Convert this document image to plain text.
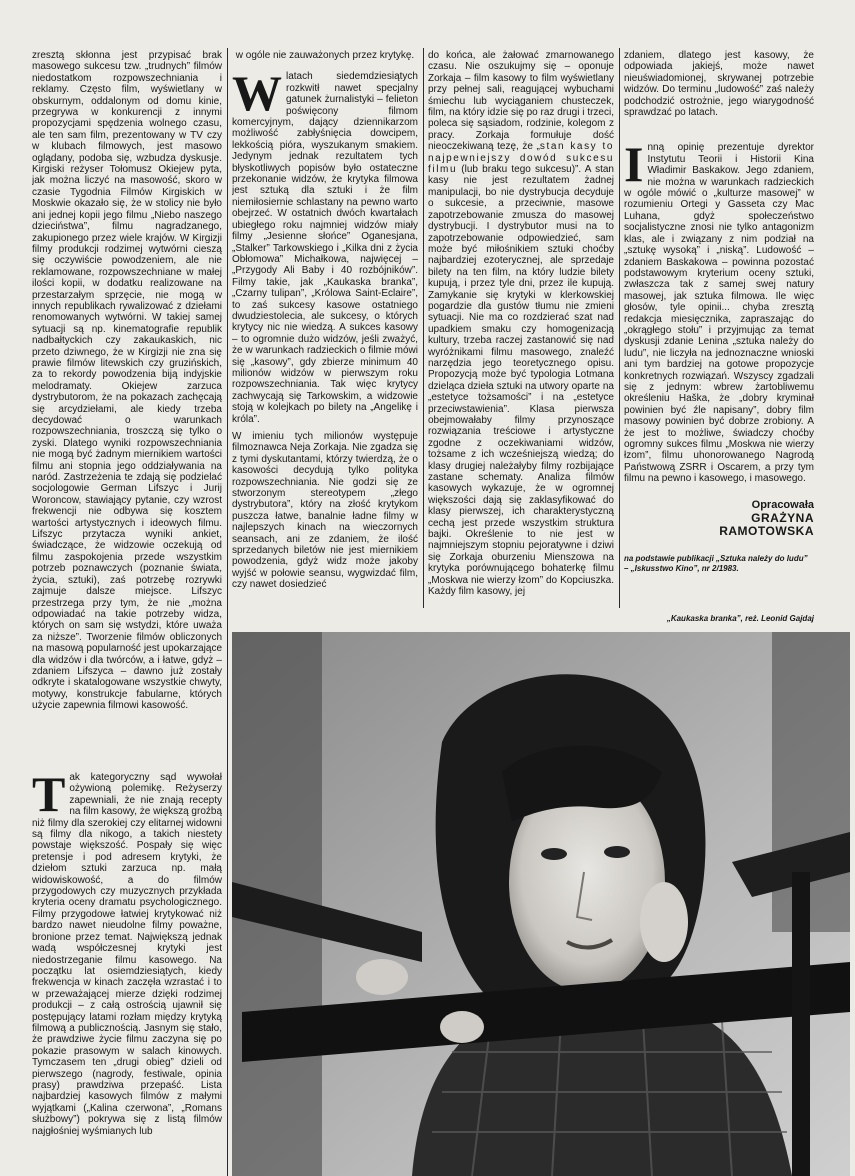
zresztą skłonna jest przypisać brak masowego sukcesu tzw. „trudnych” filmów niedostatkom rozpowszechniania i reklamy. Często film, wyświetlany w obskurnym, oddalonym od domu kinie, przegrywa w konkurencji z innymi propozycjami spędzenia wolnego czasu, ale ten sam film, prezentowany w TV czy w klubach filmowych, jest masowo oglądany, podoba się, wzbudza dyskusje. Kirgiski reżyser Tołomusz Okiejew pyta, jak można liczyć na masowość, skoro w czasie Tygodnia Filmów Kirgiskich w Moskwie okazało się, że w stolicy nie było ani jednej kopii jego filmu „Niebo naszego dzieciństwa”, filmu nagradzanego, zakupionego przez wiele krajów. W Kirgizji filmy produkcji rodzimej wytwórni cieszą się oczywiście powodzeniem, ale nie reklamowane, rozpowszechniane w małej ilości kopii, w dodatku realizowane na przestarzałym sprzęcie, nie mogą w innych republikach rywalizować z dziełami renomowanych wytwórni. W takiej samej sytuacji są np. kinematografie republik nadbałtyckich czy zakaukaskich, nic przeto dziwnego, że w Kirgizji nie zna się prawie filmów litewskich czy gruzińskich, za to rekordy powodzenia biją indyjskie melodramaty. Okiejew zarzuca dystrybutorom, że na pokazach zachęcają się arcydziełami, ale kiedy trzeba decydować o warunkach rozpowszechniania, troszczą się tylko o zyski. Dlatego wyniki rozpowszechniania nie mogą być żadnym miernikiem wartości filmu ani stopnia jego oddziaływania na naród. Zastrzeżenia te zdają się podzielać socjologowie German Lifszyc i Jurij Woroncow, stawiający pytanie, czy wzrost frekwencji nie odbywa się kosztem wartości artystycznych i ideowych filmu. Lifszyc przytacza wyniki ankiet, świadczące, że widzowie oczekują od filmu zaspokojenia przede wszystkim potrzeb poznawczych (poznanie świata, życia, sztuki), zaś potrzebę rozrywki zajmuje dalsze miejsce. Lifszyc przestrzega przy tym, że nie „można odpowiadać na takie potrzeby widza, których on sam się wstydzi, które uważa za niższe”. Tworzenie filmów obliczonych na masową popularność jest upokarzające dla widzów i dla twórców, a i łatwe, gdyż – zdaniem Lifszyca – dawno już zostały odkryte i skatalogowane wszystkie chwyty, motywy, konstrukcje fabularne, których użycie zapewnia filmowi kasowość.

T ak kategoryczny sąd wywołał ożywioną polemikę. Reżyserzy zapewniali, że nie znają recepty na film kasowy, że większą groźbą niż filmy dla szerokiej czy elitarnej widowni są filmy dla nikogo, a takich niestety powstaje większość. Pospały się więc pretensje i pod adresem krytyki, że dziełom sztuki zarzuca np. małą widowiskowość, a do filmów przygodowych czy muzycznych przykłada kryteria oceny dramatu psychologicznego. Filmy przygodowe łatwiej krytykować niż bardzo nawet nieudolne filmy poważne, bronione przez temat. Największą jednak wadą współczesnej krytyki jest niedostrzeganie filmu kasowego. Na początku lat osiemdziesiątych, kiedy frekwencja w kinach zaczęła wzrastać i to w przeważającej mierze dzięki rodzimej produkcji – z całą ostrością ujawnił się postępujący latami rozłam między krytyką filmową a publicznością. Jasnym się stało, że prawdziwe życie filmu zaczyna się po pokazie prasowym w salach kinowych. Tymczasem ten „drugi obieg” dzieli od pierwszego (nagrody, festiwale, opinia prasy) prawdziwa przepaść. Lista najbardziej kasowych filmów z małymi wyjątkami („Kalina czerwona”, „Romans służbowy”) pokrywa się z listą filmów najgłośniej wyśmianych lub

w ogóle nie zauważonych przez krytykę.

W latach siedemdziesiątych rozkwitł nawet specjalny gatunek żurnalistyki – felieton poświęcony filmom komercyjnym, dający dziennikarzom możliwość zabłyśnięcia dowcipem, lekkością pióra, wyszukanym smakiem. Jedynym jednak rezultatem tych błyskotliwych popisów było ostateczne przekonanie widzów, że krytyka filmowa jest sztuką dla sztuki i że film niemiłosiernie schlastany na pewno warto obejrzeć. W ostatnich dwóch kwartałach ubiegłego roku najmniej widzów miały filmy „Jesienne słońce” Oganesjana, „Stalker” Tarkowskiego i „Kilka dni z życia Obłomowa” Michałkowa, najwięcej – „Przygody Ali Baby i 40 rozbójników”. Filmy takie, jak „Kaukaska branka”, „Czarny tulipan”, „Królowa Saint-Eclaire”, to zaś sukcesy kasowe ostatniego dwudziestolecia, ale sukcesy, o których krytycy nic nie wiedzą. A sukces kasowy – to ogromnie dużo widzów, jeśli zważyć, że w warunkach radzieckich o filmie mówi się „kasowy”, gdy zbierze minimum 40 milionów widzów w pierwszym roku rozpowszechniania. Tak więc krytycy zachwycają się Tarkowskim, a widzowie stoją w kolejkach po bilety na „Angelikę i króla”.

W imieniu tych milionów występuje filmoznawca Neja Zorkaja. Nie zgadza się z tymi dyskutantami, którzy twierdzą, że o kasowości decydują tylko polityka rozpowszechniania. Nie godzi się ze stworzonym stereotypem „złego dystrybutora”, który na złość krytykom puszcza łatwe, banalnie ładne filmy w najlepszych kinach na wieczornych seansach, ani ze zdaniem, że ilość sprzedanych biletów nie jest miernikiem powodzenia, gdyż widz może jakoby wyjść w połowie seansu, wygwizdać film, czy nawet dosiedzieć

do końca, ale żałować zmarnowanego czasu. Nie oszukujmy się – oponuje Zorkaja – film kasowy to film wyświetlany przy pełnej sali, reagującej wybuchami śmiechu lub wyciąganiem chusteczek, film, na który idzie się po raz drugi i trzeci, poleca się sąsiadom, rodzinie, kolegom z pracy. Zorkaja formułuje dość nieoczekiwaną tezę, że „stan kasy to najpewniejszy dowód sukcesu filmu (lub braku tego sukcesu)”. A stan kasy nie jest rezultatem żadnej manipulacji, bo nie dystrybucja decyduje o sukcesie, a przeciwnie, masowe zapotrzebowanie zmusza do masowej dystrybucji. I dystrybutor musi na to zapotrzebowanie odpowiedzieć, sam może być miłośnikiem sztuki choćby najbardziej ezoterycznej, ale sprzedaje bilety na ten film, na który ludzie bilety kupują, i przez tyle dni, przez ile kupują. Zamykanie się krytyki w klerkowskiej pogardzie dla gustów tłumu nie zmieni sytuacji. Nie ma co rozdzierać szat nad upadkiem smaku czy homogenizacją kultury, trzeba raczej zastanowić się nad wyróżnikami filmu masowego, znaleźć narzędzia jego teoretycznego opisu. Propozycją może być typologia Lotmana dzieląca dzieła sztuki na utwory oparte na „estetyce tożsamości” i na „estetyce przeciwstawienia”. Klasa pierwsza obejmowałaby filmy przynoszące rozwiązania treściowe i artystyczne zgodne z oczekiwaniami widzów, tożsame z ich wcześniejszą wiedzą; do klasy drugiej należałyby filmy rozbijające zastane schematy. Analiza filmów kasowych wykazuje, że w ogromnej większości dają się zaklasyfikować do klasy pierwszej, ich charakterystyczną cechą jest przede wszystkim struktura bajki. Określenie to nie jest w najmniejszym stopniu pejoratywne i dziwi się Zorkaja oburzeniu Mienszowa na krytyka porównującego bohaterkę filmu „Moskwa nie wierzy łzom” do Kopciuszka. Każdy film kasowy, jej

zdaniem, dlatego jest kasowy, że odpowiada jakiejś, może nawet nieuświadomionej, skrywanej potrzebie widzów. Do terminu „ludowość” zaś należy podchodzić ostrożnie, jego wiarygodność sprawdzać po latach.

I nną opinię prezentuje dyrektor Instytutu Teorii i Historii Kina Władimir Baskakow. Jego zdaniem, nie można w warunkach radzieckich w ogóle mówić o „kulturze masowej” w rozumieniu Ortegi y Gasseta czy Mac Luhana, gdyż społeczeństwo socjalistyczne znosi nie tylko antagonizm klas, ale i związany z nim podział na „sztukę wysoką” i „niską”. Ludowość – zdaniem Baskakowa – powinna pozostać podstawowym kryterium oceny sztuki, zwłaszcza tak z samej swej natury masowej, jak sztuka filmowa. Ile więc głosów, tyle opinii... chyba zresztą redakcja miesięcznika, zapraszając do „okrągłego stołu” i przyjmując za temat dyskusji zdanie Lenina „sztuka należy do ludu”, nie liczyła na jednoznaczne wnioski ani tym bardziej na gotowe propozycje konkretnych rozwiązań. Wszyscy zgadzali się z jednym: wbrew żartobliwemu określeniu Haška, że „dobry kryminał powinien być źle napisany”, dobry film masowy powinien być dobrze zrobiony. A że jest to możliwe, świadczy choćby ogromny sukces filmu „Moskwa nie wierzy łzom”, filmu uhonorowanego Nagrodą Państwową ZSRR i Oscarem, a przy tym filmu na pewno i kasowego, i masowego.

Opracowała
GRAŻYNA
RAMOTOWSKA
na podstawie publikacji „Sztuka należy do ludu” – „Iskusstwo Kino”, nr 2/1983.
„Kaukaska branka”, reż. Leonid Gajdaj
